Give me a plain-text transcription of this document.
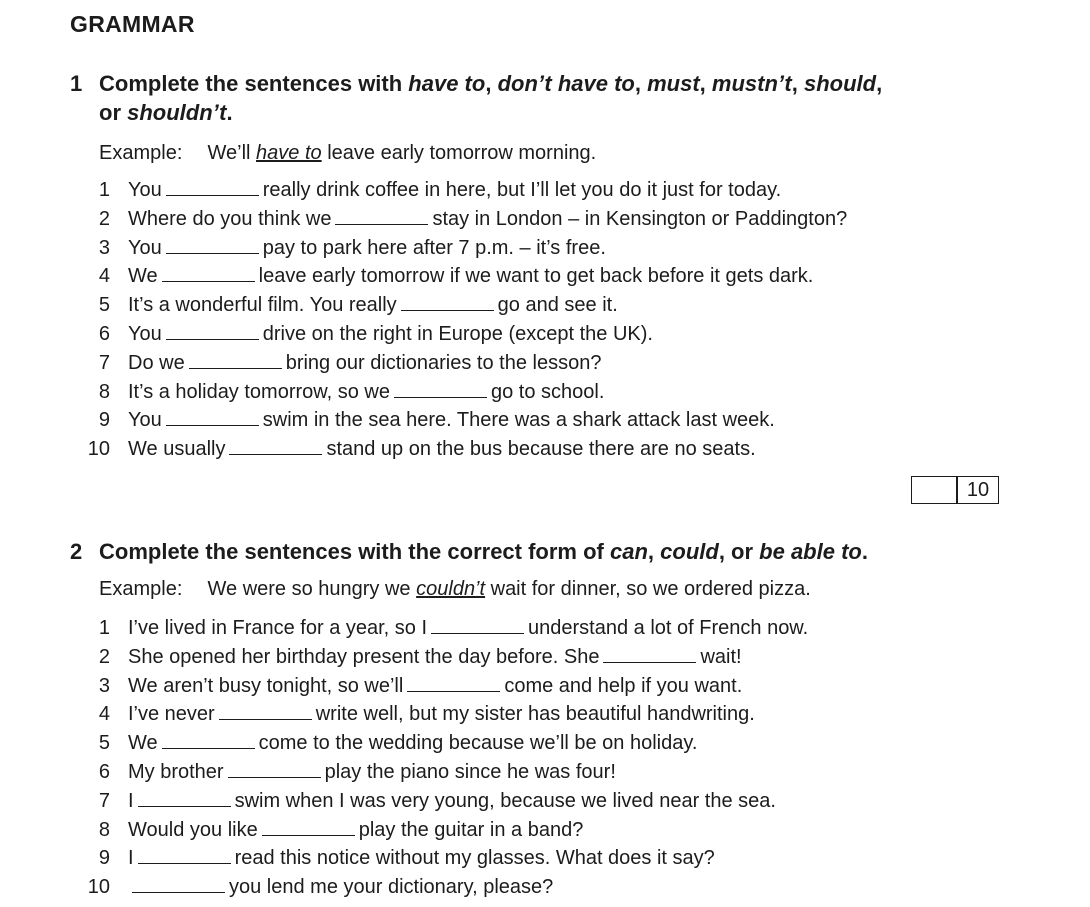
GRAMMAR
1 Complete the sentences with have to, don’t have to, must, mustn’t, should,
or shouldn’t.
Example: We’ll have to leave early tomorrow morning.
1 You	really drink coffee in here, but I’ll let you do it just for today.
2 Where do you think we	stay in London – in Kensington or Paddington?
3 You	pay to park here after 7 p.m. – it’s free.
4 We	leave early tomorrow if we want to get back before it gets dark.
5 It’s a wonderful film. You really	go and see it.
6 You	drive on the right in Europe (except the UK).
7 Do we	bring our dictionaries to the lesson?
8 It’s a holiday tomorrow, so we	go to school.
9 You	swim in the sea here. There was a shark attack last week.
10 We usually	stand up on the bus because there are no seats.
10
2 Complete the sentences with the correct form of can, could, or be able to.
Example: We were so hungry we couldn’t wait for dinner, so we ordered pizza.
1 I’ve lived in France for a year, so I	understand a lot of French now.
2 She opened her birthday present the day before. She	wait!
3 We aren’t busy tonight, so we’ll	come and help if you want.
4 I’ve never	write well, but my sister has beautiful handwriting.
5 We	come to the wedding because we’ll be on holiday.
6 My brother	play the piano since he was four!
7 I	swim when I was very young, because we lived near the sea.
8 Would you like	play the guitar in a band?
9 I	read this notice without my glasses. What does it say?
10	you lend me your dictionary, please?
